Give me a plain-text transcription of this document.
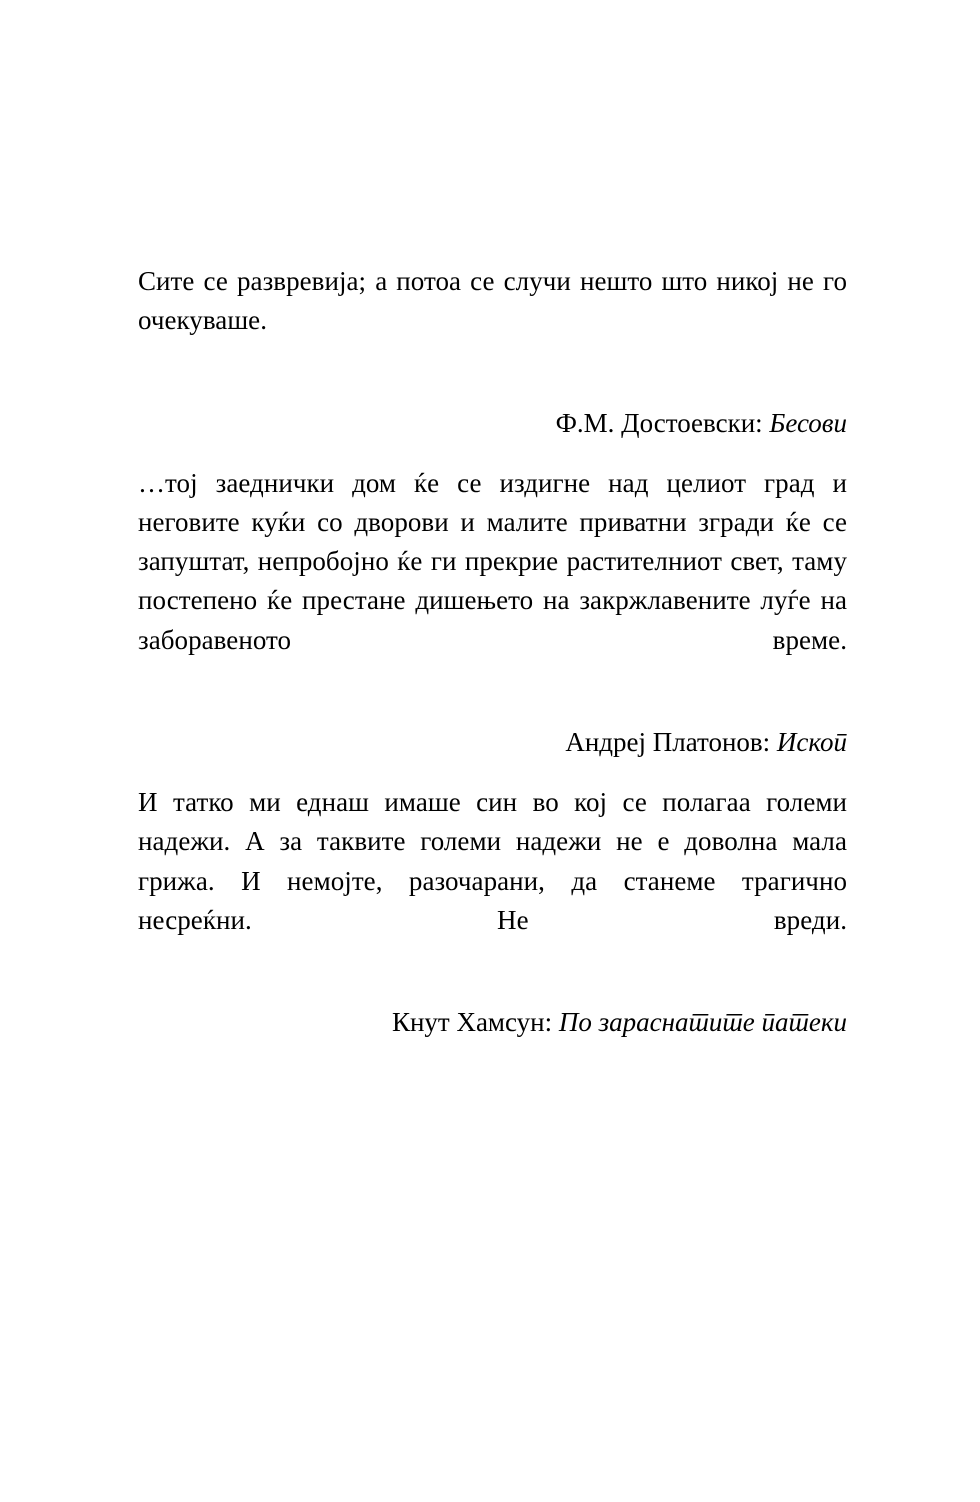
Сите се развревија; а потоа се случи нешто што никој не го очекуваше.

Ф.М. Достоевски: Бесови

…тој заеднички дом ќе се издигне над целиот град и неговите куќи со дворови и малите приватни згради ќе се запуштат, непробојно ќе ги прекрие растителниот свет, таму постепено ќе престане дишењето на закржлавените луѓе на заборавеното време.

Андреј Платонов: Ископ

И татко ми еднаш имаше син во кој се полагаа големи надежи. А за таквите големи надежи не е доволна мала грижа. И немојте, разочарани, да станеме трагично несреќни. Не вреди.

Кнут Хамсун: По зараснатите патеки
